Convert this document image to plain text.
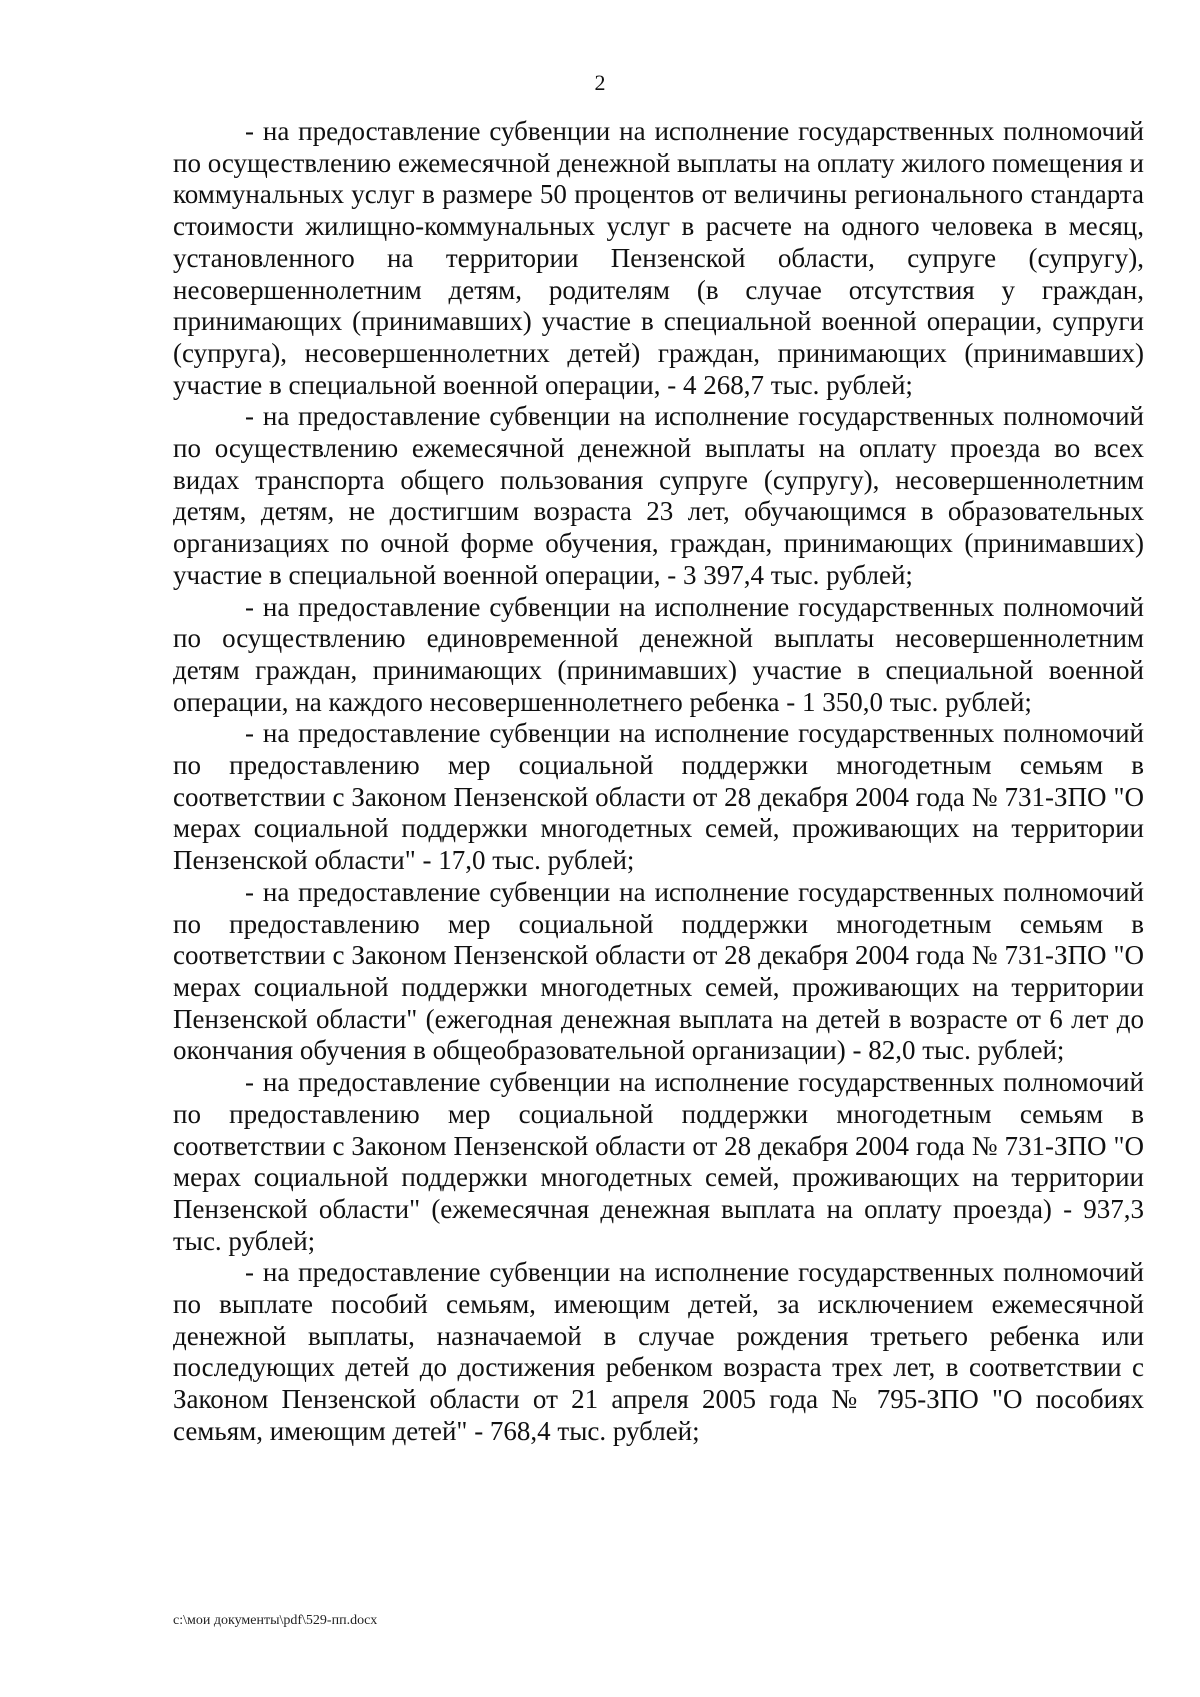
2

- на предоставление субвенции на исполнение государственных полномочий по осуществлению ежемесячной денежной выплаты на оплату жилого помещения и коммунальных услуг в размере 50 процентов от величины регионального стандарта стоимости жилищно-коммунальных услуг в расчете на одного человека в месяц, установленного на территории Пензенской области, супруге (супругу), несовершеннолетним детям, родителям (в случае отсутствия у граждан, принимающих (принимавших) участие в специальной военной операции, супруги (супруга), несовершеннолетних детей) граждан, принимающих (принимавших) участие в специальной военной операции, - 4 268,7 тыс. рублей;

- на предоставление субвенции на исполнение государственных полномочий по осуществлению ежемесячной денежной выплаты на оплату проезда во всех видах транспорта общего пользования супруге (супругу), несовершеннолетним детям, детям, не достигшим возраста 23 лет, обучающимся в образовательных организациях по очной форме обучения, граждан, принимающих (принимавших) участие в специальной военной операции, - 3 397,4 тыс. рублей;

- на предоставление субвенции на исполнение государственных полномочий по осуществлению единовременной денежной выплаты несовершеннолетним детям граждан, принимающих (принимавших) участие в специальной военной операции, на каждого несовершеннолетнего ребенка - 1 350,0 тыс. рублей;

- на предоставление субвенции на исполнение государственных полномочий по предоставлению мер социальной поддержки многодетным семьям в соответствии с Законом Пензенской области от 28 декабря 2004 года № 731-ЗПО "О мерах социальной поддержки многодетных семей, проживающих на территории Пензенской области" - 17,0 тыс. рублей;

- на предоставление субвенции на исполнение государственных полномочий по предоставлению мер социальной поддержки многодетным семьям в соответствии с Законом Пензенской области от 28 декабря 2004 года № 731-ЗПО "О мерах социальной поддержки многодетных семей, проживающих на территории Пензенской области" (ежегодная денежная выплата на детей в возрасте от 6 лет до окончания обучения в общеобразовательной организации) - 82,0 тыс. рублей;

- на предоставление субвенции на исполнение государственных полномочий по предоставлению мер социальной поддержки многодетным семьям в соответствии с Законом Пензенской области от 28 декабря 2004 года № 731-ЗПО "О мерах социальной поддержки многодетных семей, проживающих на территории Пензенской области" (ежемесячная денежная выплата на оплату проезда) - 937,3 тыс. рублей;

- на предоставление субвенции на исполнение государственных полномочий по выплате пособий семьям, имеющим детей, за исключением ежемесячной денежной выплаты, назначаемой в случае рождения третьего ребенка или последующих детей до достижения ребенком возраста трех лет, в соответствии с Законом Пензенской области от 21 апреля 2005 года № 795-ЗПО "О пособиях семьям, имеющим детей" - 768,4 тыс. рублей;

c:\мои документы\pdf\529-пп.docx
